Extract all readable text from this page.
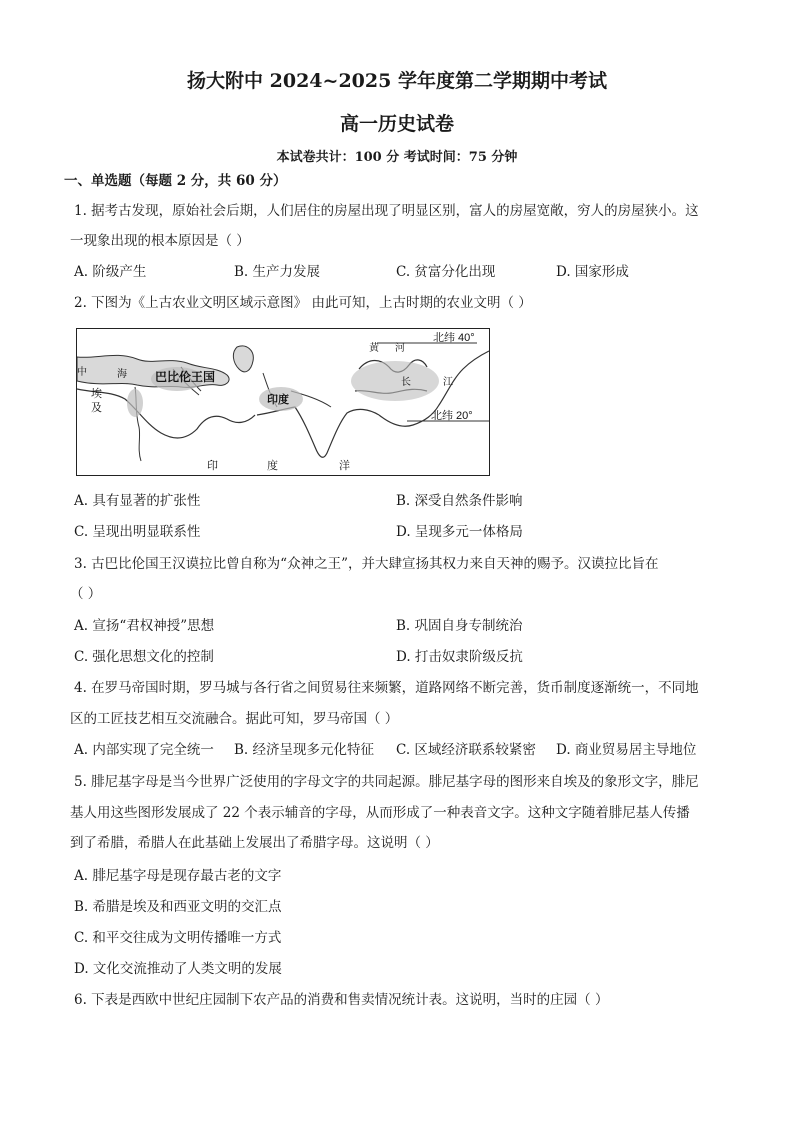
扬大附中 2024~2025 学年度第二学期期中考试
高一历史试卷
本试卷共计：100 分 考试时间：75 分钟
一、单选题（每题 2 分，共 60 分）
1. 据考古发现，原始社会后期，人们居住的房屋出现了明显区别，富人的房屋宽敞，穷人的房屋狭小。这
一现象出现的根本原因是（ ）
A. 阶级产生	B. 生产力发展	C. 贫富分化出现	D. 国家形成
2. 下图为《上古农业文明区域示意图》 由此可知，上古时期的农业文明（ ）
巴比伦王国
印度
北纬 40°
北纬 20°
埃
及
中	海
黄 河
长	江
印	度	洋
A. 具有显著的扩张性	B. 深受自然条件影响
C. 呈现出明显联系性	D. 呈现多元一体格局
3. 古巴比伦国王汉谟拉比曾自称为“众神之王”，并大肆宣扬其权力来自天神的赐予。汉谟拉比旨在
（ ）
A. 宣扬“君权神授”思想	B. 巩固自身专制统治
C. 强化思想文化的控制	D. 打击奴隶阶级反抗
4. 在罗马帝国时期，罗马城与各行省之间贸易往来频繁，道路网络不断完善，货币制度逐渐统一，不同地
区的工匠技艺相互交流融合。据此可知，罗马帝国（ ）
A. 内部实现了完全统一 B. 经济呈现多元化特征 C. 区域经济联系较紧密 D. 商业贸易居主导地位
5. 腓尼基字母是当今世界广泛使用的字母文字的共同起源。腓尼基字母的图形来自埃及的象形文字，腓尼
基人用这些图形发展成了 22 个表示辅音的字母，从而形成了一种表音文字。这种文字随着腓尼基人传播
到了希腊，希腊人在此基础上发展出了希腊字母。这说明（ ）
A. 腓尼基字母是现存最古老的文字
B. 希腊是埃及和西亚文明的交汇点
C. 和平交往成为文明传播唯一方式
D. 文化交流推动了人类文明的发展
6. 下表是西欧中世纪庄园制下农产品的消费和售卖情况统计表。这说明，当时的庄园（ ）
